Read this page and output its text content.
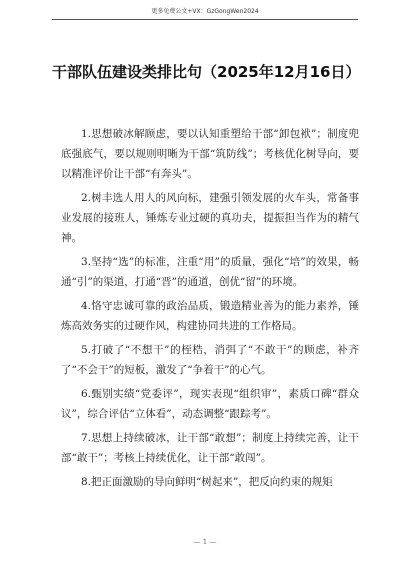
更多免费公文+VX：GzGongWen2024
干部队伍建设类排比句（2025年12月16日）

1.思想破冰解顾虑，要以认知重塑给干部“卸包袱”；制度兜底强底气，要以规则明晰为干部“筑防线”；考核优化树导向，要以精准评价让干部“有奔头”。

2.树丰选人用人的风向标，建强引领发展的火车头，常备事业发展的接班人，锤炼专业过硬的真功夫，提振担当作为的精气神。

3.坚持“选”的标准，注重“用”的质量，强化“培”的效果，畅通“引”的渠道，打通“晋”的通道，创优“留”的环境。

4.恪守忠诚可靠的政治品质，锻造精业善为的能力素养，锤炼高效务实的过硬作风，构建协同共进的工作格局。

5.打破了“不想干”的桎梏，消弭了“不敢干”的顾虑，补齐了“不会干”的短板，激发了“争着干”的心气。

6.甄别实绩“党委评”，现实表现“组织审”，素质口碑“群众议”，综合评估“立体看”，动态调整“跟踪考”。

7.思想上持续破冰，让干部“敢想”；制度上持续完善，让干部“敢干”；考核上持续优化，让干部“敢闯”。

8.把正面激励的导向鲜明“树起来”，把反向约束的规矩

— 1 —
